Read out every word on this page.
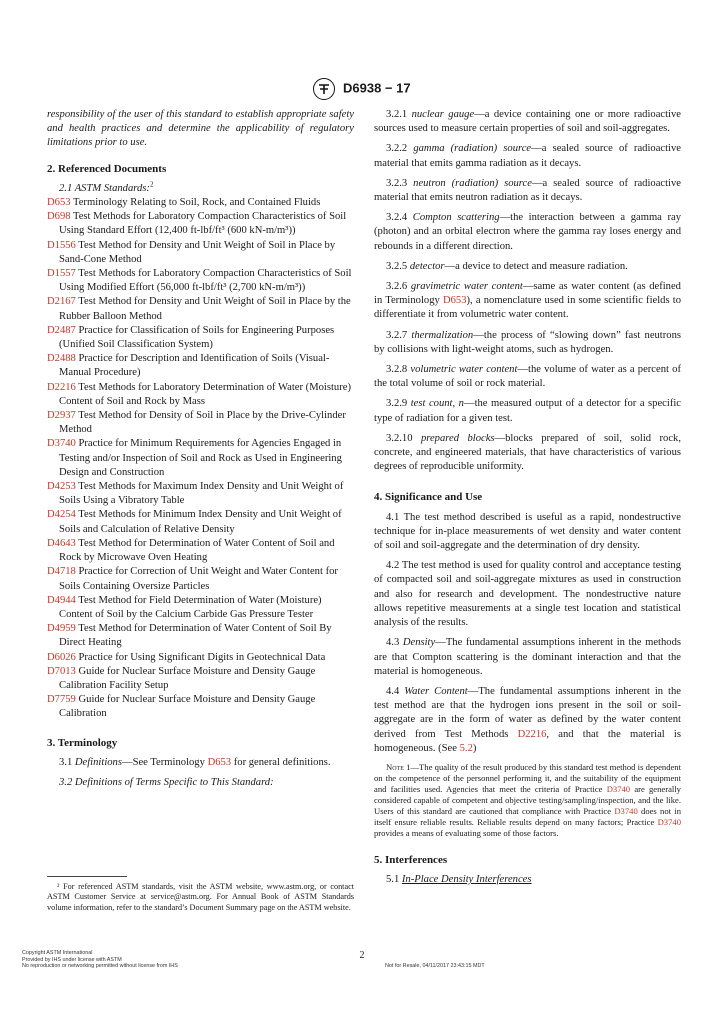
D6938 − 17

responsibility of the user of this standard to establish appropriate safety and health practices and determine the applicability of regulatory limitations prior to use.

2. Referenced Documents

2.1 ASTM Standards:$^2$

D653 Terminology Relating to Soil, Rock, and Contained Fluids

D698 Test Methods for Laboratory Compaction Characteristics of Soil Using Standard Effort (12,400 ft-lbf/ft³ (600 kN-m/m³))

D1556 Test Method for Density and Unit Weight of Soil in Place by Sand-Cone Method

D1557 Test Methods for Laboratory Compaction Characteristics of Soil Using Modified Effort (56,000 ft-lbf/ft³ (2,700 kN-m/m³))

D2167 Test Method for Density and Unit Weight of Soil in Place by the Rubber Balloon Method

D2487 Practice for Classification of Soils for Engineering Purposes (Unified Soil Classification System)

D2488 Practice for Description and Identification of Soils (Visual-Manual Procedure)

D2216 Test Methods for Laboratory Determination of Water (Moisture) Content of Soil and Rock by Mass

D2937 Test Method for Density of Soil in Place by the Drive-Cylinder Method

D3740 Practice for Minimum Requirements for Agencies Engaged in Testing and/or Inspection of Soil and Rock as Used in Engineering Design and Construction

D4253 Test Methods for Maximum Index Density and Unit Weight of Soils Using a Vibratory Table

D4254 Test Methods for Minimum Index Density and Unit Weight of Soils and Calculation of Relative Density

D4643 Test Method for Determination of Water Content of Soil and Rock by Microwave Oven Heating

D4718 Practice for Correction of Unit Weight and Water Content for Soils Containing Oversize Particles

D4944 Test Method for Field Determination of Water (Moisture) Content of Soil by the Calcium Carbide Gas Pressure Tester

D4959 Test Method for Determination of Water Content of Soil By Direct Heating

D6026 Practice for Using Significant Digits in Geotechnical Data

D7013 Guide for Nuclear Surface Moisture and Density Gauge Calibration Facility Setup

D7759 Guide for Nuclear Surface Moisture and Density Gauge Calibration

3. Terminology

3.1 Definitions—See Terminology D653 for general definitions.

3.2 Definitions of Terms Specific to This Standard:

² For referenced ASTM standards, visit the ASTM website, www.astm.org, or contact ASTM Customer Service at service@astm.org. For Annual Book of ASTM Standards volume information, refer to the standard’s Document Summary page on the ASTM website.

3.2.1 nuclear gauge—a device containing one or more radioactive sources used to measure certain properties of soil and soil-aggregates.

3.2.2 gamma (radiation) source—a sealed source of radioactive material that emits gamma radiation as it decays.

3.2.3 neutron (radiation) source—a sealed source of radioactive material that emits neutron radiation as it decays.

3.2.4 Compton scattering—the interaction between a gamma ray (photon) and an orbital electron where the gamma ray loses energy and rebounds in a different direction.

3.2.5 detector—a device to detect and measure radiation.

3.2.6 gravimetric water content—same as water content (as defined in Terminology D653), a nomenclature used in some scientific fields to differentiate it from volumetric water content.

3.2.7 thermalization—the process of “slowing down” fast neutrons by collisions with light-weight atoms, such as hydrogen.

3.2.8 volumetric water content—the volume of water as a percent of the total volume of soil or rock material.

3.2.9 test count, n—the measured output of a detector for a specific type of radiation for a given test.

3.2.10 prepared blocks—blocks prepared of soil, solid rock, concrete, and engineered materials, that have characteristics of various degrees of reproducible uniformity.

4. Significance and Use

4.1 The test method described is useful as a rapid, nondestructive technique for in-place measurements of wet density and water content of soil and soil-aggregate and the determination of dry density.

4.2 The test method is used for quality control and acceptance testing of compacted soil and soil-aggregate mixtures as used in construction and also for research and development. The nondestructive nature allows repetitive measurements at a single test location and statistical analysis of the results.

4.3 Density—The fundamental assumptions inherent in the methods are that Compton scattering is the dominant interaction and that the material is homogeneous.

4.4 Water Content—The fundamental assumptions inherent in the test method are that the hydrogen ions present in the soil or soil-aggregate are in the form of water as defined by the water content derived from Test Methods D2216, and that the material is homogeneous. (See 5.2)

Note 1—The quality of the result produced by this standard test method is dependent on the competence of the personnel performing it, and the suitability of the equipment and facilities used. Agencies that meet the criteria of Practice D3740 are generally considered capable of competent and objective testing/sampling/inspection, and the like. Users of this standard are cautioned that compliance with Practice D3740 does not in itself ensure reliable results. Reliable results depend on many factors; Practice D3740 provides a means of evaluating some of those factors.

5. Interferences

5.1 In-Place Density Interferences

2
Copyright ASTM International
Provided by IHS under license with ASTM
No reproduction or networking permitted without license from IHS	Not for Resale, 04/11/2017 23:43:15 MDT
